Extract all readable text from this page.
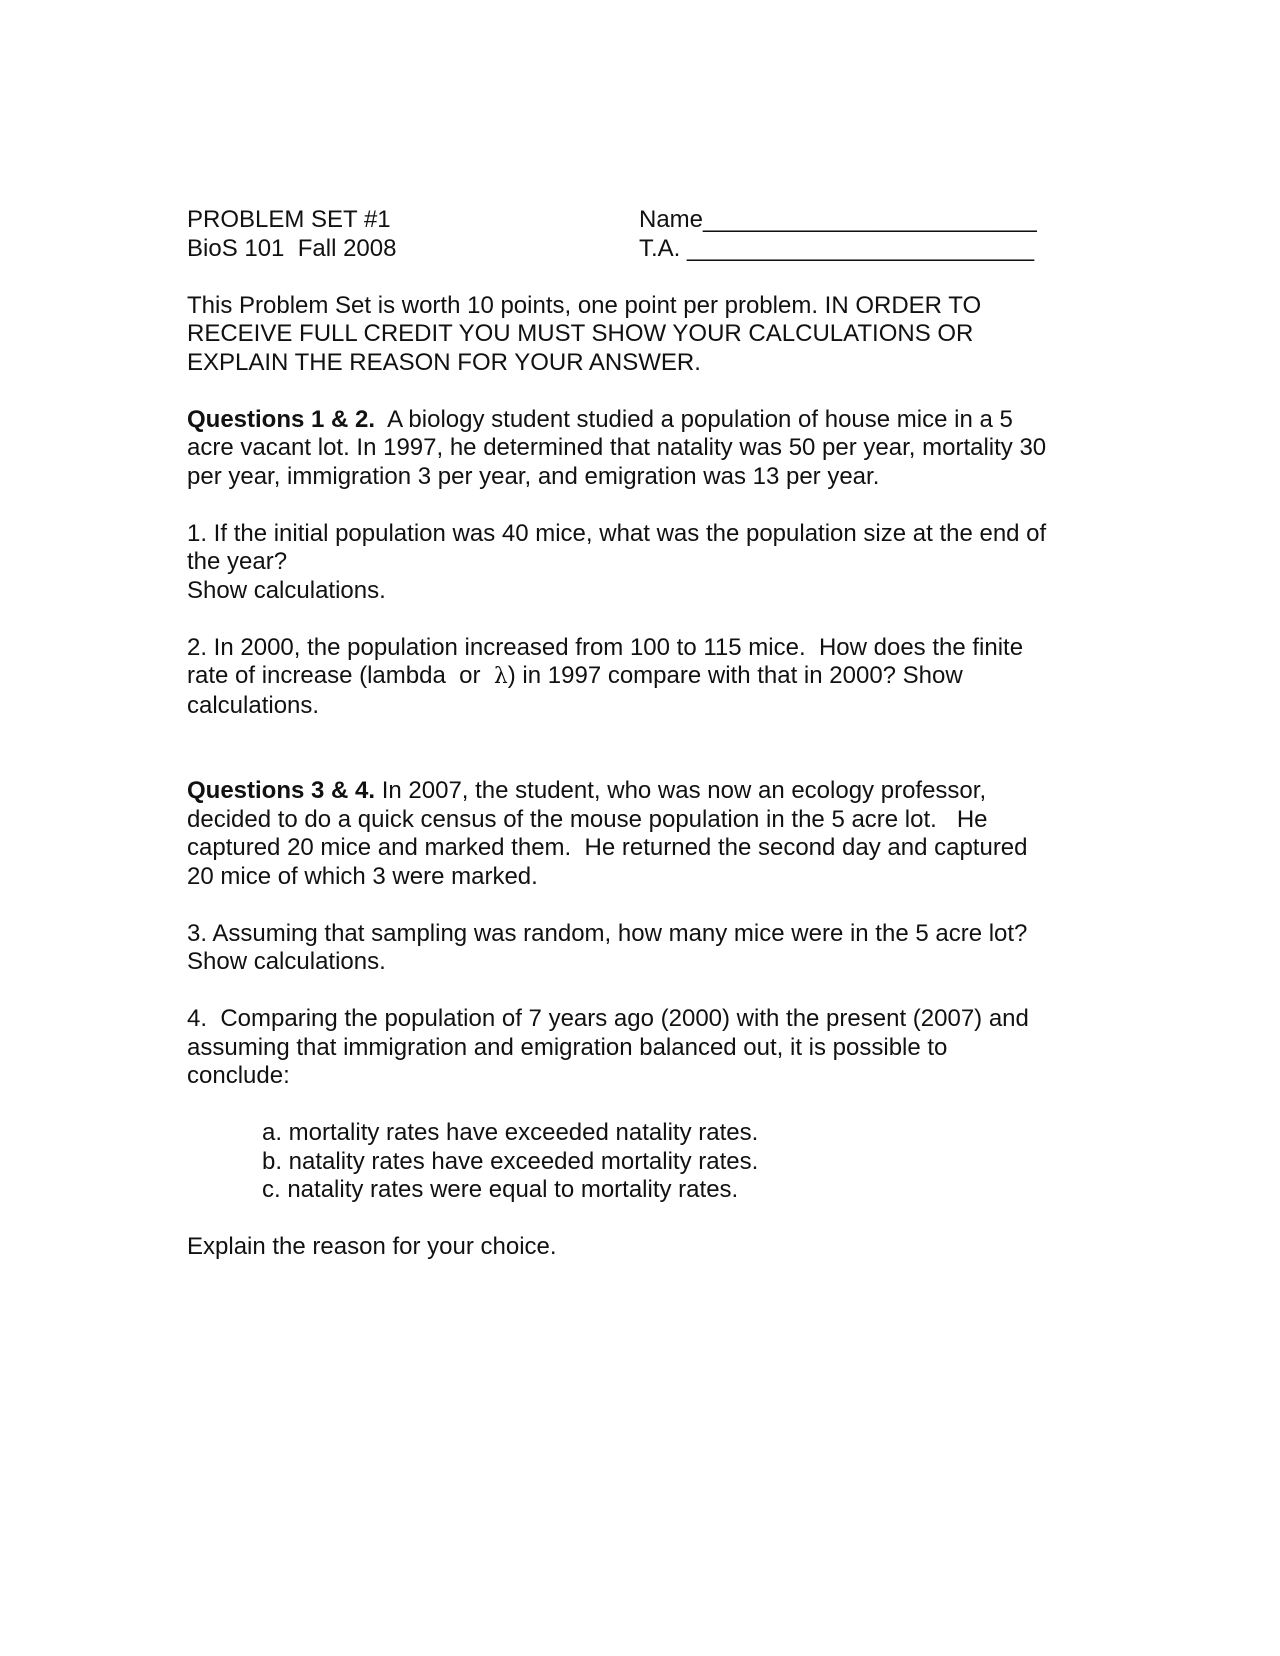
PROBLEM SET #1
BioS 101  Fall 2008
Name_________________________
T.A. __________________________
This Problem Set is worth 10 points, one point per problem. IN ORDER TO
RECEIVE FULL CREDIT YOU MUST SHOW YOUR CALCULATIONS OR
EXPLAIN THE REASON FOR YOUR ANSWER.
Questions 1 & 2.  A biology student studied a population of house mice in a 5
acre vacant lot. In 1997, he determined that natality was 50 per year, mortality 30
per year, immigration 3 per year, and emigration was 13 per year.
1. If the initial population was 40 mice, what was the population size at the end of
the year?
Show calculations.
2. In 2000, the population increased from 100 to 115 mice.  How does the finite
rate of increase (lambda  or  λ) in 1997 compare with that in 2000? Show
calculations.
Questions 3 & 4. In 2007, the student, who was now an ecology professor,
decided to do a quick census of the mouse population in the 5 acre lot.   He
captured 20 mice and marked them.  He returned the second day and captured
20 mice of which 3 were marked.
3. Assuming that sampling was random, how many mice were in the 5 acre lot?
Show calculations.
4.  Comparing the population of 7 years ago (2000) with the present (2007) and
assuming that immigration and emigration balanced out, it is possible to
conclude:
a. mortality rates have exceeded natality rates.
b. natality rates have exceeded mortality rates.
c. natality rates were equal to mortality rates.
Explain the reason for your choice.
